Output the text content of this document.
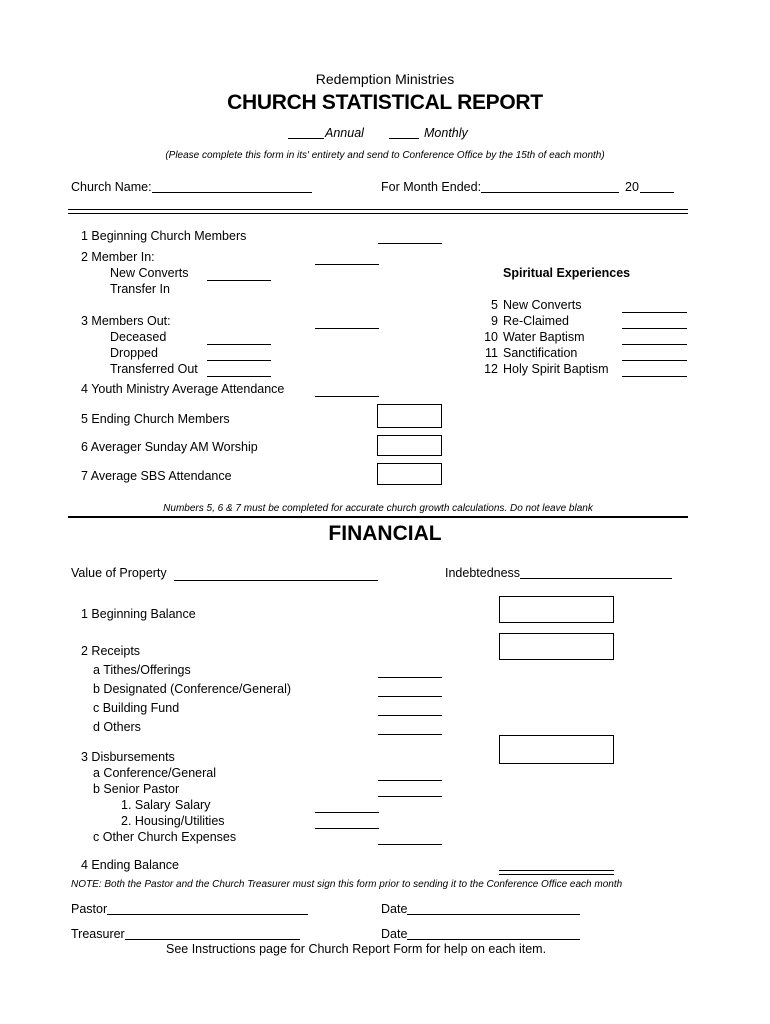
Redemption Ministries
CHURCH STATISTICAL REPORT
Annual	Monthly
(Please complete this form in its' entirety and send to Conference Office by the 15th of each month)
Church Name:	For Month Ended:	20
1 Beginning Church Members
2 Member In:
New Converts
Transfer In
3 Members Out:
Deceased
Dropped
Transferred Out
4 Youth Ministry Average Attendance
5 Ending Church Members
6 Averager Sunday AM Worship
7 Average SBS Attendance
Numbers 5, 6 & 7 must be completed for accurate church growth calculations. Do not leave blank
Spiritual Experiences
5 New Converts
9 Re-Claimed
10 Water Baptism
11 Sanctification
12 Holy Spirit Baptism
FINANCIAL
Value of Property	Indebtedness
1 Beginning Balance
2 Receipts
a Tithes/Offerings
b Designated (Conference/General)
c Building Fund
d Others
3 Disbursements
a Conference/General
b Senior Pastor
1. Salary Salary
2. Housing/Utilities
c Other Church Expenses
4 Ending Balance
NOTE: Both the Pastor and the Church Treasurer must sign this form prior to sending it to the Conference Office each month
Pastor	Date
Treasurer	Date
See Instructions page for Church Report Form for help on each item.
